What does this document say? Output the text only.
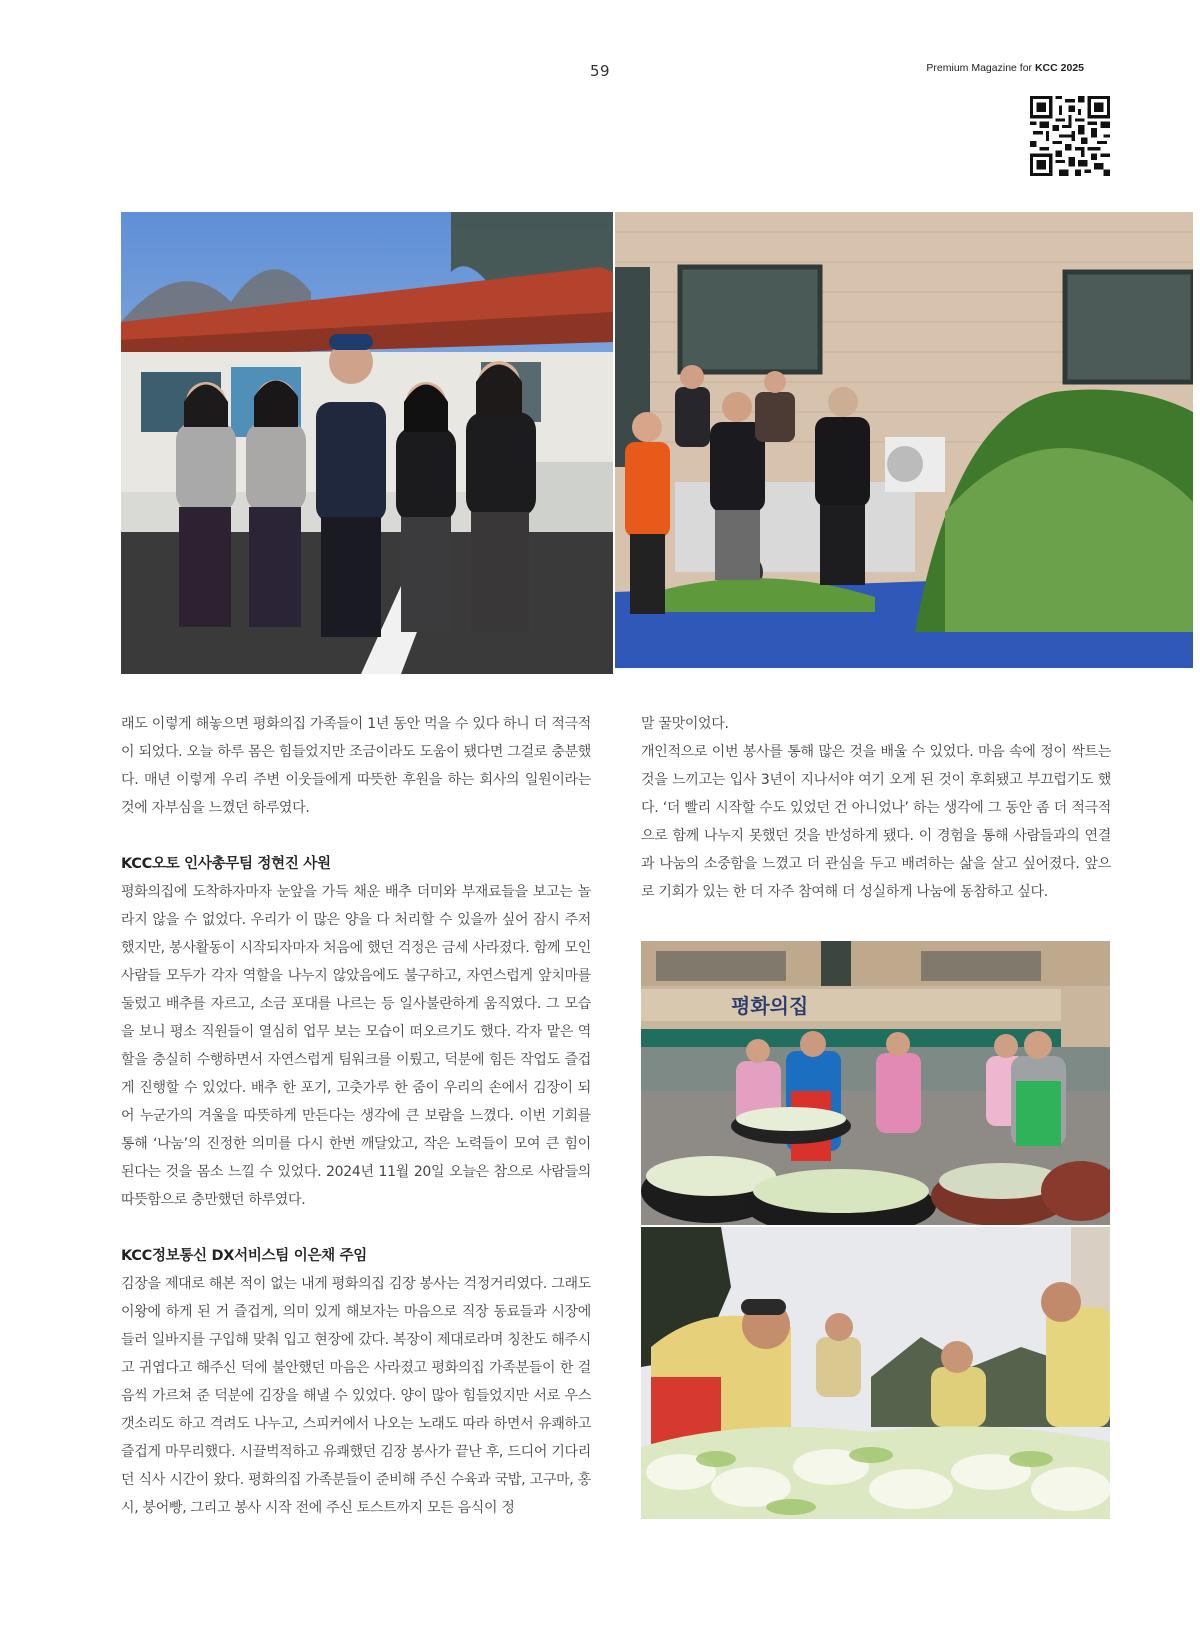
59	Premium Magazine for KCC 2025
평화의집

래도 이렇게 해놓으면 평화의집 가족들이 1년 동안 먹을 수 있다 하니 더 적극적이 되었다. 오늘 하루 몸은 힘들었지만 조금이라도 도움이 됐다면 그걸로 충분했다. 매년 이렇게 우리 주변 이웃들에게 따뜻한 후원을 하는 회사의 일원이라는 것에 자부심을 느꼈던 하루였다.

KCC오토 인사총무팀 정현진 사원

평화의집에 도착하자마자 눈앞을 가득 채운 배추 더미와 부재료들을 보고는 놀라지 않을 수 없었다. 우리가 이 많은 양을 다 처리할 수 있을까 싶어 잠시 주저했지만, 봉사활동이 시작되자마자 처음에 했던 걱정은 금세 사라졌다. 함께 모인 사람들 모두가 각자 역할을 나누지 않았음에도 불구하고, 자연스럽게 앞치마를 둘렀고 배추를 자르고, 소금 포대를 나르는 등 일사불란하게 움직였다. 그 모습을 보니 평소 직원들이 열심히 업무 보는 모습이 떠오르기도 했다. 각자 맡은 역할을 충실히 수행하면서 자연스럽게 팀워크를 이뤘고, 덕분에 힘든 작업도 즐겁게 진행할 수 있었다. 배추 한 포기, 고춧가루 한 줌이 우리의 손에서 김장이 되어 누군가의 겨울을 따뜻하게 만든다는 생각에 큰 보람을 느꼈다. 이번 기회를 통해 ‘나눔’의 진정한 의미를 다시 한번 깨달았고, 작은 노력들이 모여 큰 힘이 된다는 것을 몸소 느낄 수 있었다. 2024년 11월 20일 오늘은 참으로 사람들의 따뜻함으로 충만했던 하루였다.

KCC정보통신 DX서비스팀 이은채 주임

김장을 제대로 해본 적이 없는 내게 평화의집 김장 봉사는 걱정거리였다. 그래도 이왕에 하게 된 거 즐겁게, 의미 있게 해보자는 마음으로 직장 동료들과 시장에 들러 일바지를 구입해 맞춰 입고 현장에 갔다. 복장이 제대로라며 칭찬도 해주시고 귀엽다고 해주신 덕에 불안했던 마음은 사라졌고 평화의집 가족분들이 한 걸음씩 가르쳐 준 덕분에 김장을 해낼 수 있었다. 양이 많아 힘들었지만 서로 우스갯소리도 하고 격려도 나누고, 스피커에서 나오는 노래도 따라 하면서 유쾌하고 즐겁게 마무리했다. 시끌벅적하고 유쾌했던 김장 봉사가 끝난 후, 드디어 기다리던 식사 시간이 왔다. 평화의집 가족분들이 준비해 주신 수육과 국밥, 고구마, 홍시, 붕어빵, 그리고 봉사 시작 전에 주신 토스트까지 모든 음식이 정

말 꿀맛이었다.

개인적으로 이번 봉사를 통해 많은 것을 배울 수 있었다. 마음 속에 정이 싹트는 것을 느끼고는 입사 3년이 지나서야 여기 오게 된 것이 후회됐고 부끄럽기도 했다. ‘더 빨리 시작할 수도 있었던 건 아니었나’ 하는 생각에 그 동안 좀 더 적극적으로 함께 나누지 못했던 것을 반성하게 됐다. 이 경험을 통해 사람들과의 연결과 나눔의 소중함을 느꼈고 더 관심을 두고 배려하는 삶을 살고 싶어졌다. 앞으로 기회가 있는 한 더 자주 참여해 더 성실하게 나눔에 동참하고 싶다.
